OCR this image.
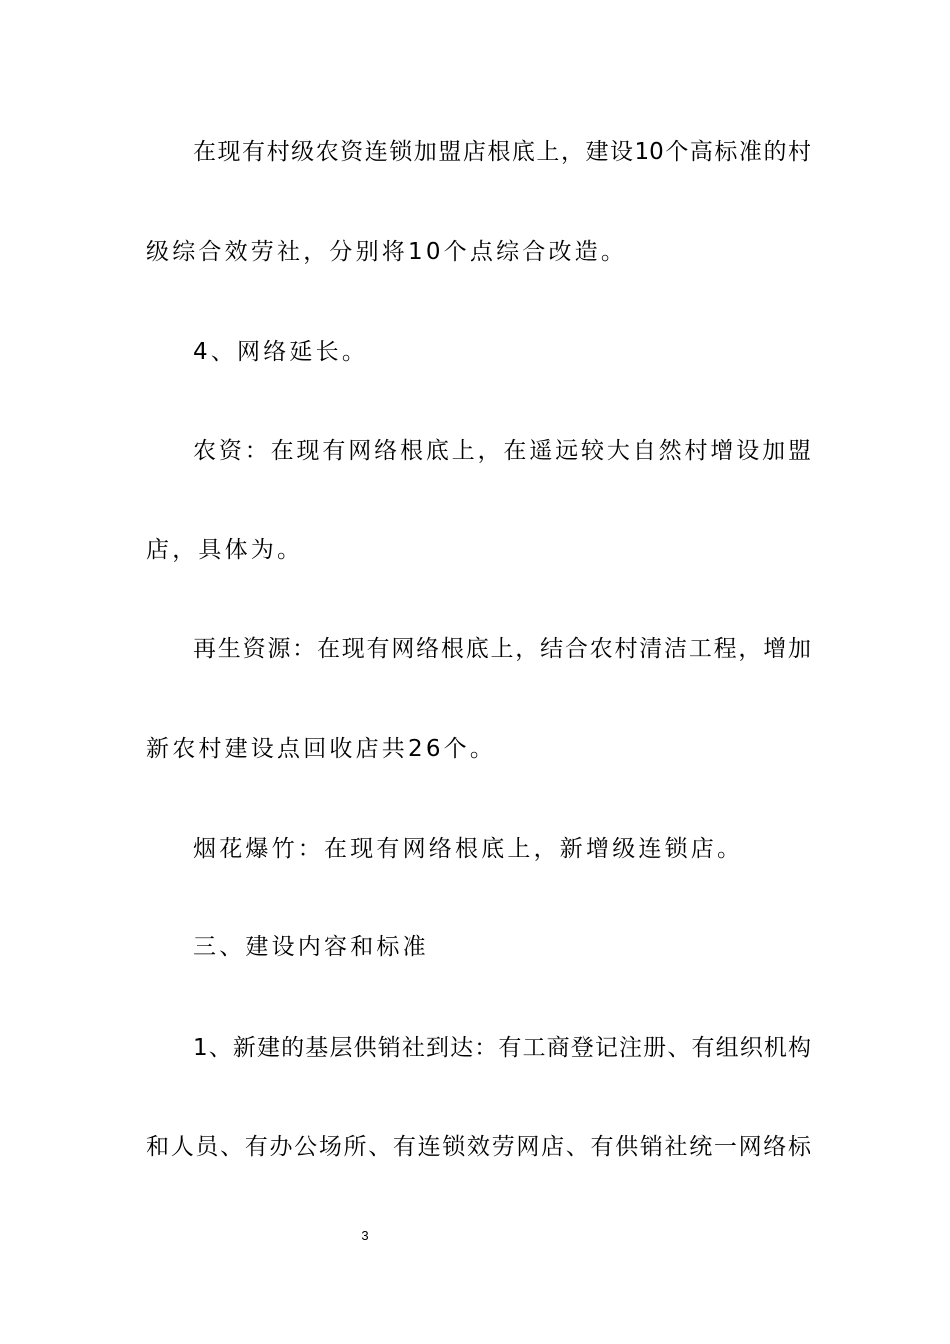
在现有村级农资连锁加盟店根底上，建设10个高标准的村
级综合效劳社，分别将10个点综合改造。
4、网络延长。
农资：在现有网络根底上，在遥远较大自然村增设加盟
店，具体为。
再生资源：在现有网络根底上，结合农村清洁工程，增加
新农村建设点回收店共26个。
烟花爆竹：在现有网络根底上，新增级连锁店。
三、建设内容和标准
1、新建的基层供销社到达：有工商登记注册、有组织机构
和人员、有办公场所、有连锁效劳网店、有供销社统一网络标
3
